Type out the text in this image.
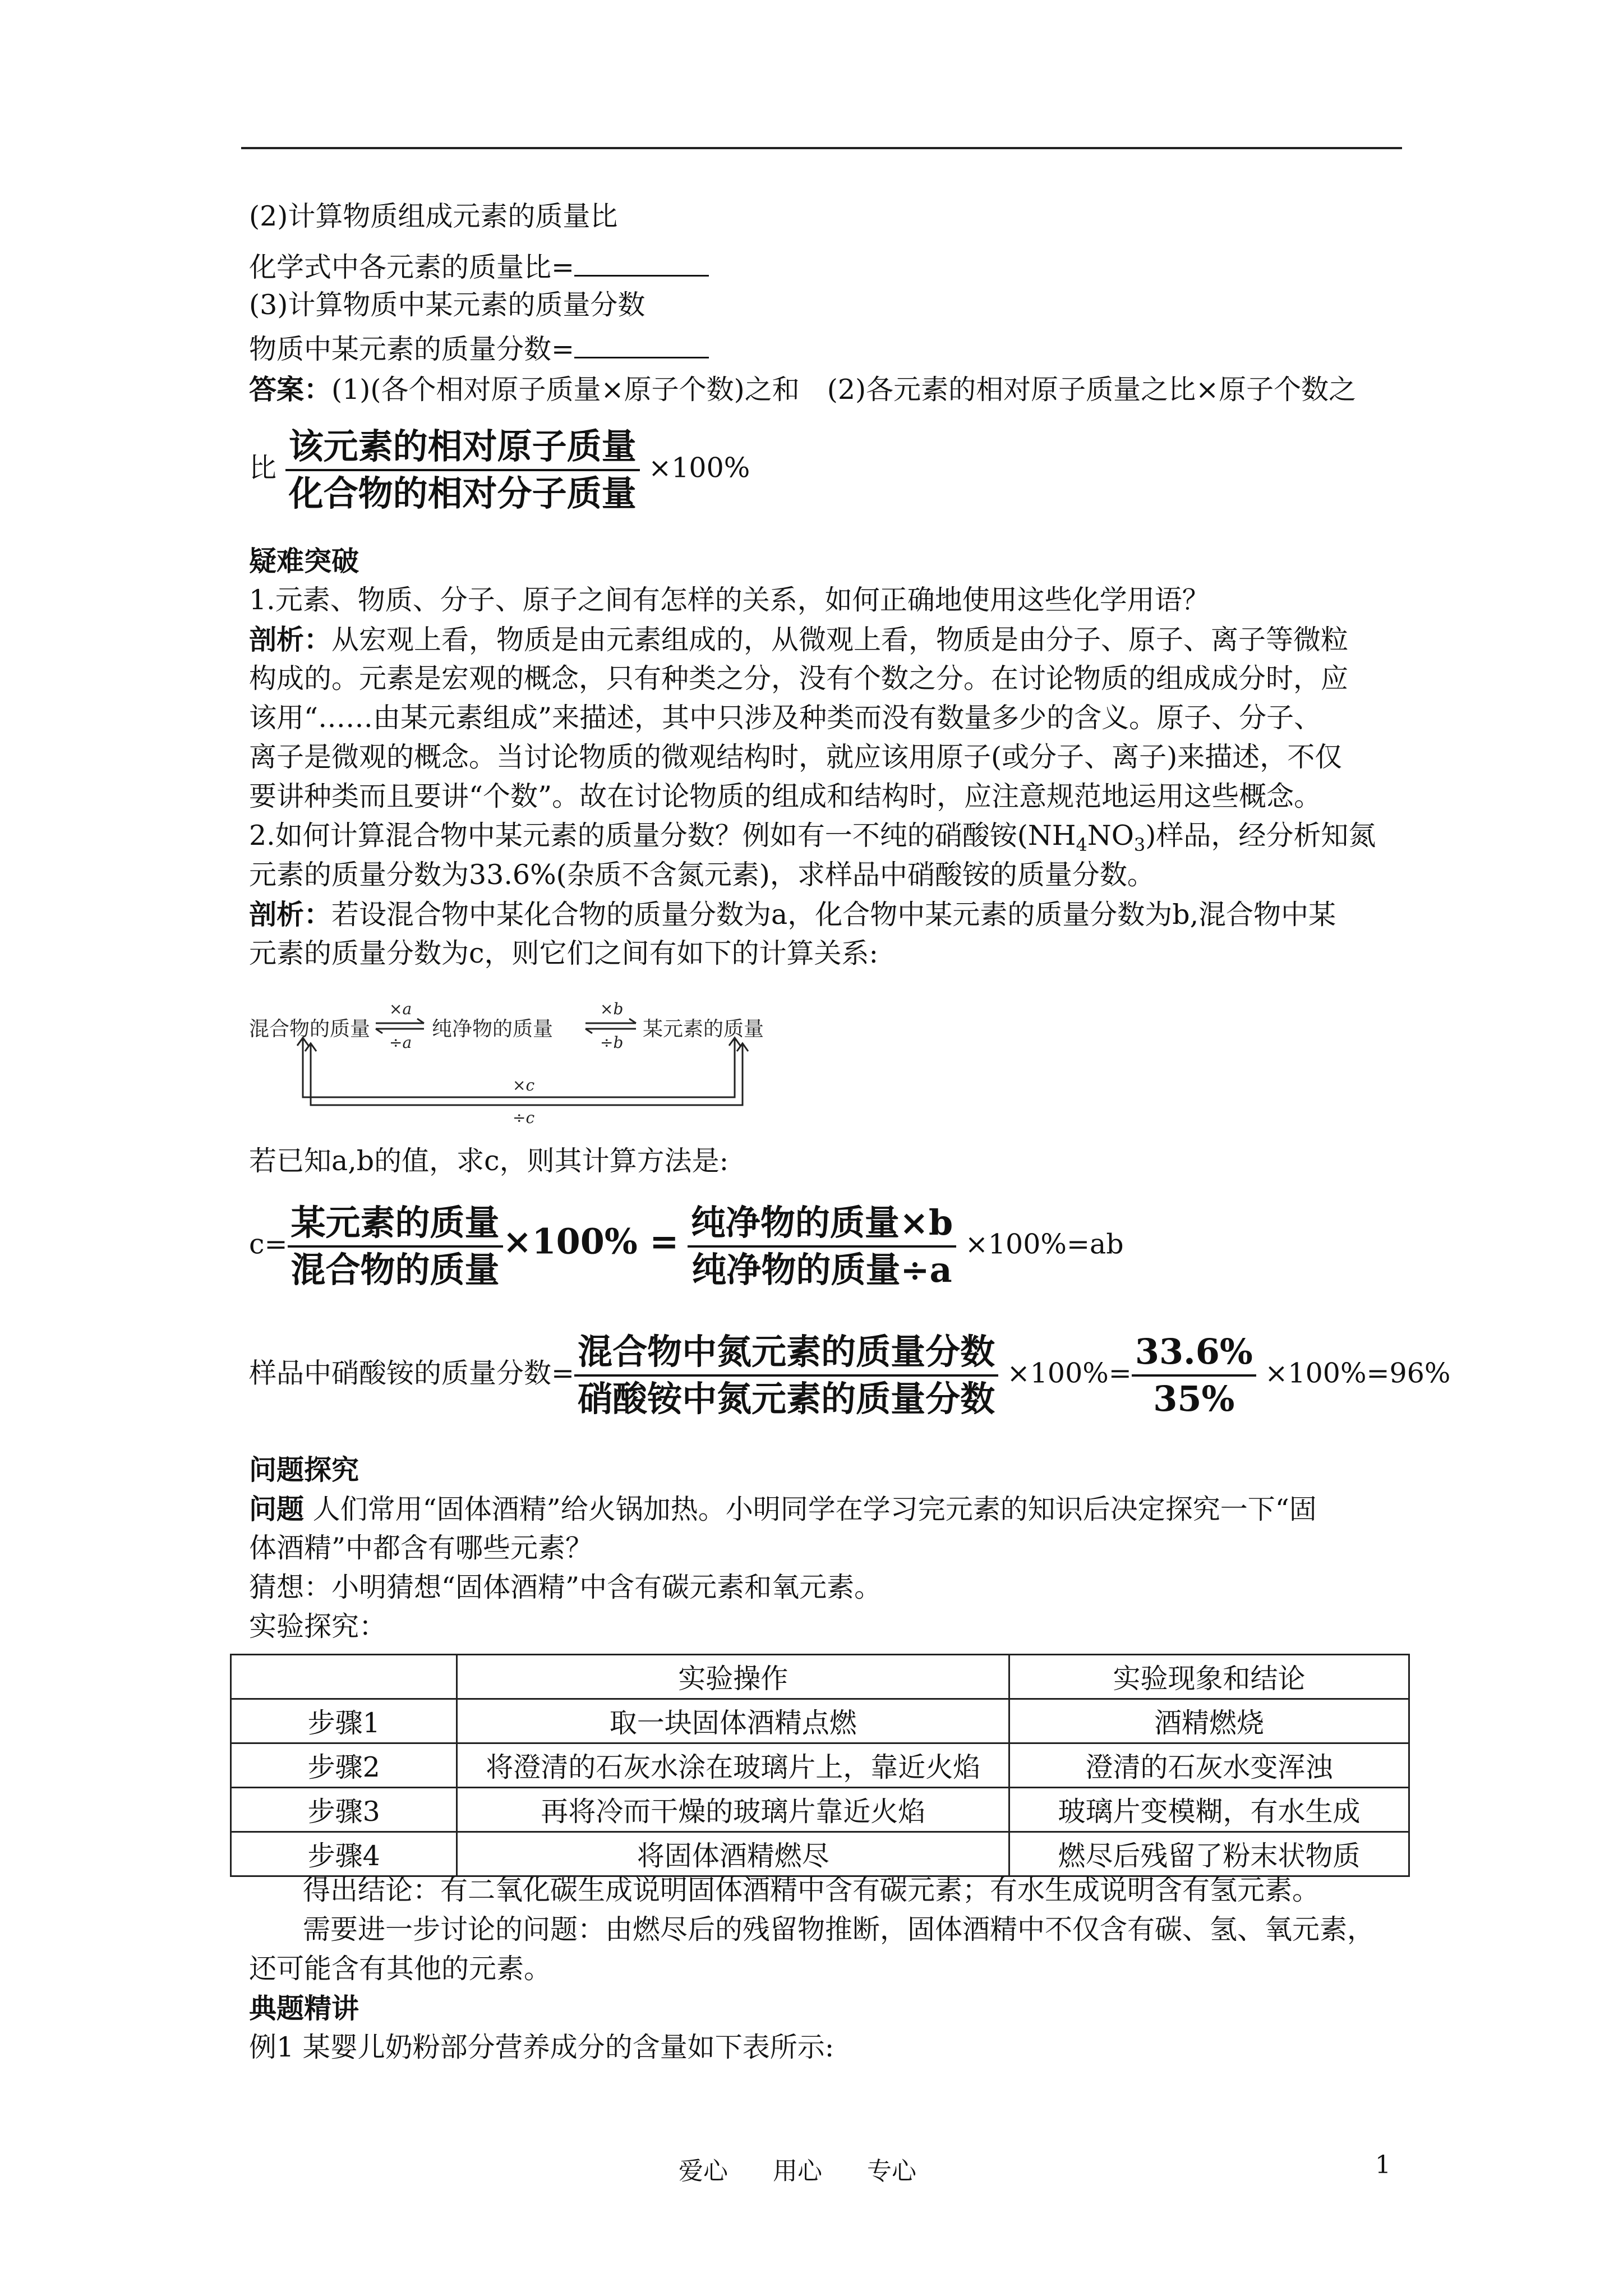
(2)计算物质组成元素的质量比
化学式中各元素的质量比=
(3)计算物质中某元素的质量分数
物质中某元素的质量分数=
答案：(1)(各个相对原子质量×原子个数)之和　(2)各元素的相对原子质量之比×原子个数之
比 $\frac{\text{该元素的相对原子质量}}{\text{化合物的相对分子质量}} \times 100\%$
疑难突破
1.元素、物质、分子、原子之间有怎样的关系，如何正确地使用这些化学用语？
剖析：从宏观上看，物质是由元素组成的，从微观上看，物质是由分子、原子、离子等微粒
构成的。元素是宏观的概念，只有种类之分，没有个数之分。在讨论物质的组成成分时，应
该用“……由某元素组成”来描述，其中只涉及种类而没有数量多少的含义。原子、分子、
离子是微观的概念。当讨论物质的微观结构时，就应该用原子(或分子、离子)来描述，不仅
要讲种类而且要讲“个数”。故在讨论物质的组成和结构时，应注意规范地运用这些概念。
2.如何计算混合物中某元素的质量分数？例如有一不纯的硝酸铵$(NH_4NO_3)$样品，经分析知氮
元素的质量分数为33.6%(杂质不含氮元素)，求样品中硝酸铵的质量分数。
剖析：若设混合物中某化合物的质量分数为a，化合物中某元素的质量分数为b,混合物中某
元素的质量分数为c，则它们之间有如下的计算关系:
混合物的质量	纯净物的质量	某元素的质量
×a
÷a
×b
÷b
×c
÷c
若已知a,b的值，求c，则其计算方法是:
$c= \frac{\text{某元素的质量}}{\text{混合物的质量}} \times 100\% = \frac{\text{纯净物的质量×b}}{\text{纯净物的质量÷a}} \times 100\%=ab$
样品中硝酸铵的质量分数= $\frac{\text{混合物中氮元素的质量分数}}{\text{硝酸铵中氮元素的质量分数}} \times 100\%= \frac{33.6\%}{35\%} \times 100\%=96\%$
问题探究
问题 人们常用“固体酒精”给火锅加热。小明同学在学习完元素的知识后决定探究一下“固
体酒精”中都含有哪些元素？
猜想：小明猜想“固体酒精”中含有碳元素和氧元素。
实验探究：
	实验操作	实验现象和结论
步骤1	取一块固体酒精点燃	酒精燃烧
步骤2	将澄清的石灰水涂在玻璃片上，靠近火焰	澄清的石灰水变浑浊
步骤3	再将冷而干燥的玻璃片靠近火焰	玻璃片变模糊，有水生成
步骤4	将固体酒精燃尽	燃尽后残留了粉末状物质
得出结论：有二氧化碳生成说明固体酒精中含有碳元素；有水生成说明含有氢元素。
需要进一步讨论的问题：由燃尽后的残留物推断，固体酒精中不仅含有碳、氢、氧元素，
还可能含有其他的元素。
典题精讲
例1 某婴儿奶粉部分营养成分的含量如下表所示:
爱心 用心 专心	1
